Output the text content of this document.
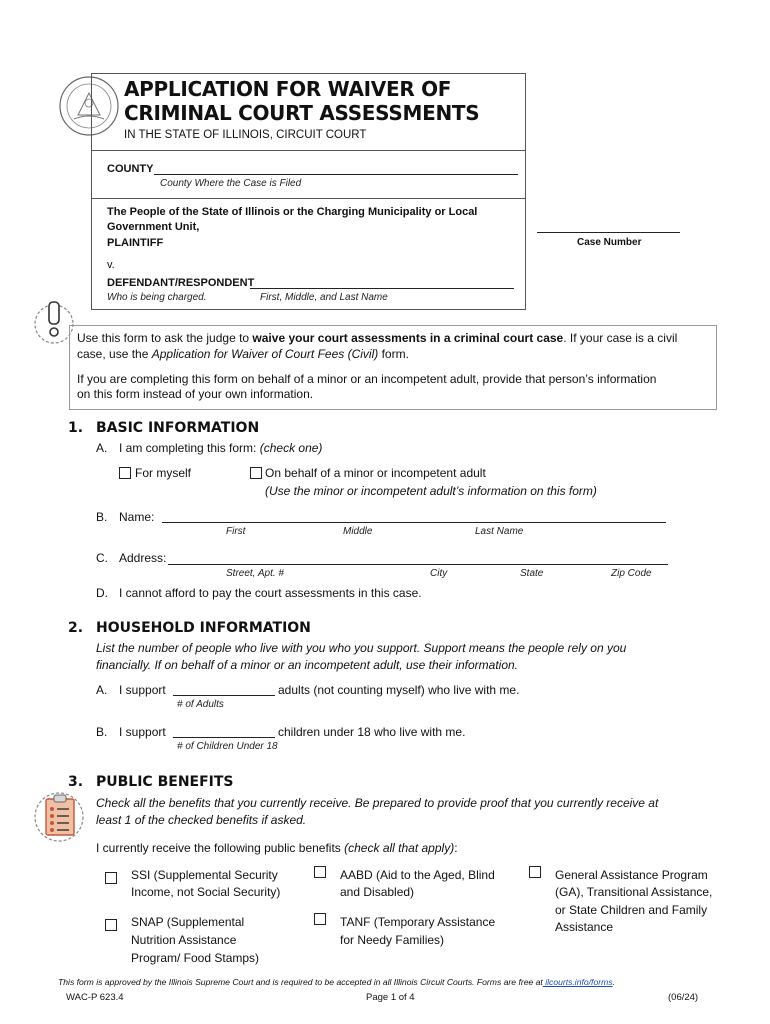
APPLICATION FOR WAIVER OF
CRIMINAL COURT ASSESSMENTS
IN THE STATE OF ILLINOIS, CIRCUIT COURT
COUNTY
County Where the Case is Filed
The People of the State of Illinois or the Charging Municipality or Local
Government Unit,
PLAINTIFF
v.
DEFENDANT/RESPONDENT
Who is being charged.	First, Middle, and Last Name
Case Number
Use this form to ask the judge to waive your court assessments in a criminal court case. If your case is a civil
case, use the Application for Waiver of Court Fees (Civil) form.
If you are completing this form on behalf of a minor or an incompetent adult, provide that person’s information
on this form instead of your own information.
1. BASIC INFORMATION
A. I am completing this form: (check one)
For myself	On behalf of a minor or incompetent adult
(Use the minor or incompetent adult’s information on this form)
B. Name:
First	Middle	Last Name
C. Address:
Street, Apt. #	City	State	Zip Code
D. I cannot afford to pay the court assessments in this case.
2. HOUSEHOLD INFORMATION
List the number of people who live with you who you support. Support means the people rely on you
financially. If on behalf of a minor or an incompetent adult, use their information.
A. I support	adults (not counting myself) who live with me.
# of Adults
B. I support	children under 18 who live with me.
# of Children Under 18
3. PUBLIC BENEFITS
Check all the benefits that you currently receive. Be prepared to provide proof that you currently receive at
least 1 of the checked benefits if asked.
I currently receive the following public benefits (check all that apply):
SSI (Supplemental Security
Income, not Social Security)
AABD (Aid to the Aged, Blind
and Disabled)
General Assistance Program
(GA), Transitional Assistance,
or State Children and Family
Assistance
SNAP (Supplemental
Nutrition Assistance
Program/ Food Stamps)
TANF (Temporary Assistance
for Needy Families)
This form is approved by the Illinois Supreme Court and is required to be accepted in all Illinois Circuit Courts. Forms are free at ilcourts.info/forms.
WAC-P 623.4	Page 1 of 4	(06/24)
